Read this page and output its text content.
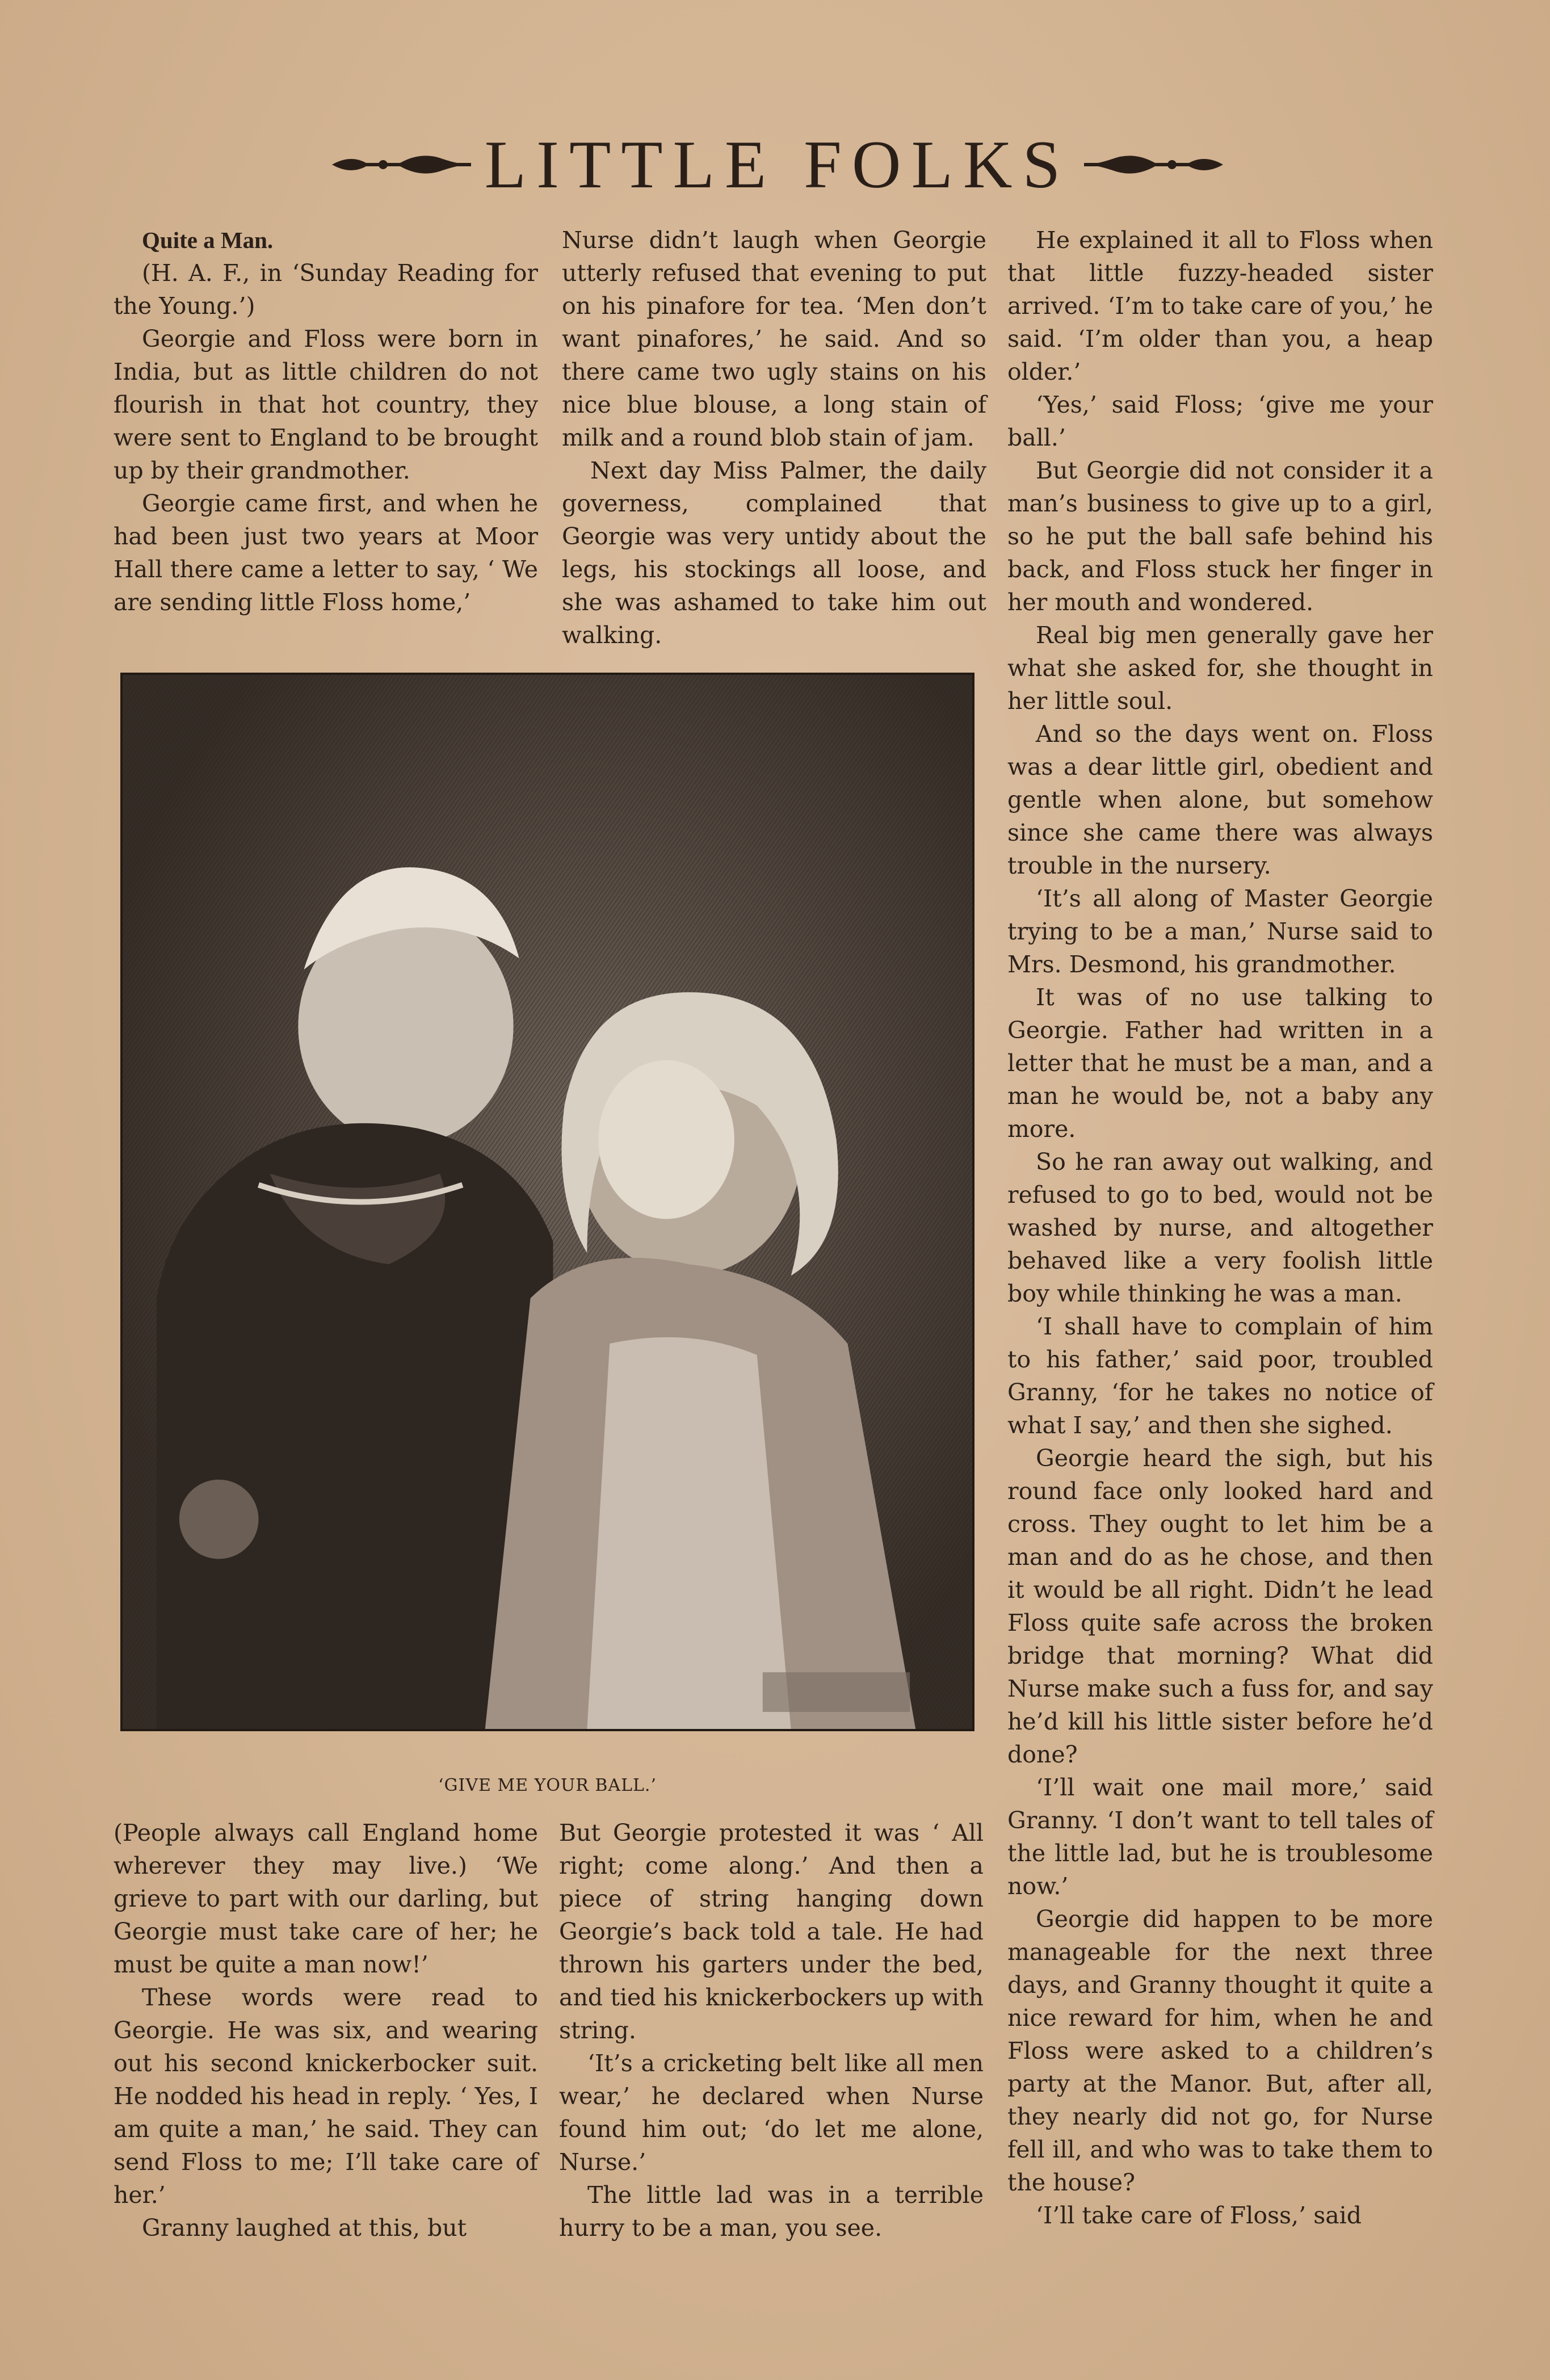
LITTLE FOLKS

Quite a Man.

(H. A. F., in ‘Sunday Reading for the Young.’)

Georgie and Floss were born in India, but as little children do not flourish in that hot country, they were sent to England to be brought up by their grandmother.

Georgie came first, and when he had been just two years at Moor Hall there came a letter to say, ‘ We are sending little Floss home,’

Nurse didn’t laugh when Georgie utterly refused that evening to put on his pinafore for tea. ‘Men don’t want pinafores,’ he said. And so there came two ugly stains on his nice blue blouse, a long stain of milk and a round blob stain of jam.

Next day Miss Palmer, the daily governess, complained that Georgie was very untidy about the legs, his stockings all loose, and she was ashamed to take him out walking.

He explained it all to Floss when that little fuzzy-headed sister arrived. ‘I’m to take care of you,’ he said. ‘I’m older than you, a heap older.’

‘Yes,’ said Floss; ‘give me your ball.’

But Georgie did not consider it a man’s business to give up to a girl, so he put the ball safe behind his back, and Floss stuck her finger in her mouth and wondered.

Real big men generally gave her what she asked for, she thought in her little soul.

And so the days went on. Floss was a dear little girl, obedient and gentle when alone, but somehow since she came there was always trouble in the nursery.

‘It’s all along of Master Georgie trying to be a man,’ Nurse said to Mrs. Desmond, his grandmother.

It was of no use talking to Georgie. Father had written in a letter that he must be a man, and a man he would be, not a baby any more.

So he ran away out walking, and refused to go to bed, would not be washed by nurse, and altogether behaved like a very foolish little boy while thinking he was a man.

‘I shall have to complain of him to his father,’ said poor, troubled Granny, ‘for he takes no notice of what I say,’ and then she sighed.

Georgie heard the sigh, but his round face only looked hard and cross. They ought to let him be a man and do as he chose, and then it would be all right. Didn’t he lead Floss quite safe across the broken bridge that morning? What did Nurse make such a fuss for, and say he’d kill his little sister before he’d done?

‘I’ll wait one mail more,’ said Granny. ‘I don’t want to tell tales of the little lad, but he is troublesome now.’

Georgie did happen to be more manageable for the next three days, and Granny thought it quite a nice reward for him, when he and Floss were asked to a children’s party at the Manor. But, after all, they nearly did not go, for Nurse fell ill, and who was to take them to the house?

‘I’ll take care of Floss,’ said

‘GIVE ME YOUR BALL.’

(People always call England home wherever they may live.) ‘We grieve to part with our darling, but Georgie must take care of her; he must be quite a man now!’

These words were read to Georgie. He was six, and wearing out his second knickerbocker suit. He nodded his head in reply. ‘ Yes, I am quite a man,’ he said. They can send Floss to me; I’ll take care of her.’

Granny laughed at this, but

But Georgie protested it was ‘ All right; come along.’ And then a piece of string hanging down Georgie’s back told a tale. He had thrown his garters under the bed, and tied his knickerbockers up with string.

‘It’s a cricketing belt like all men wear,’ he declared when Nurse found him out; ‘do let me alone, Nurse.’

The little lad was in a terrible hurry to be a man, you see.
